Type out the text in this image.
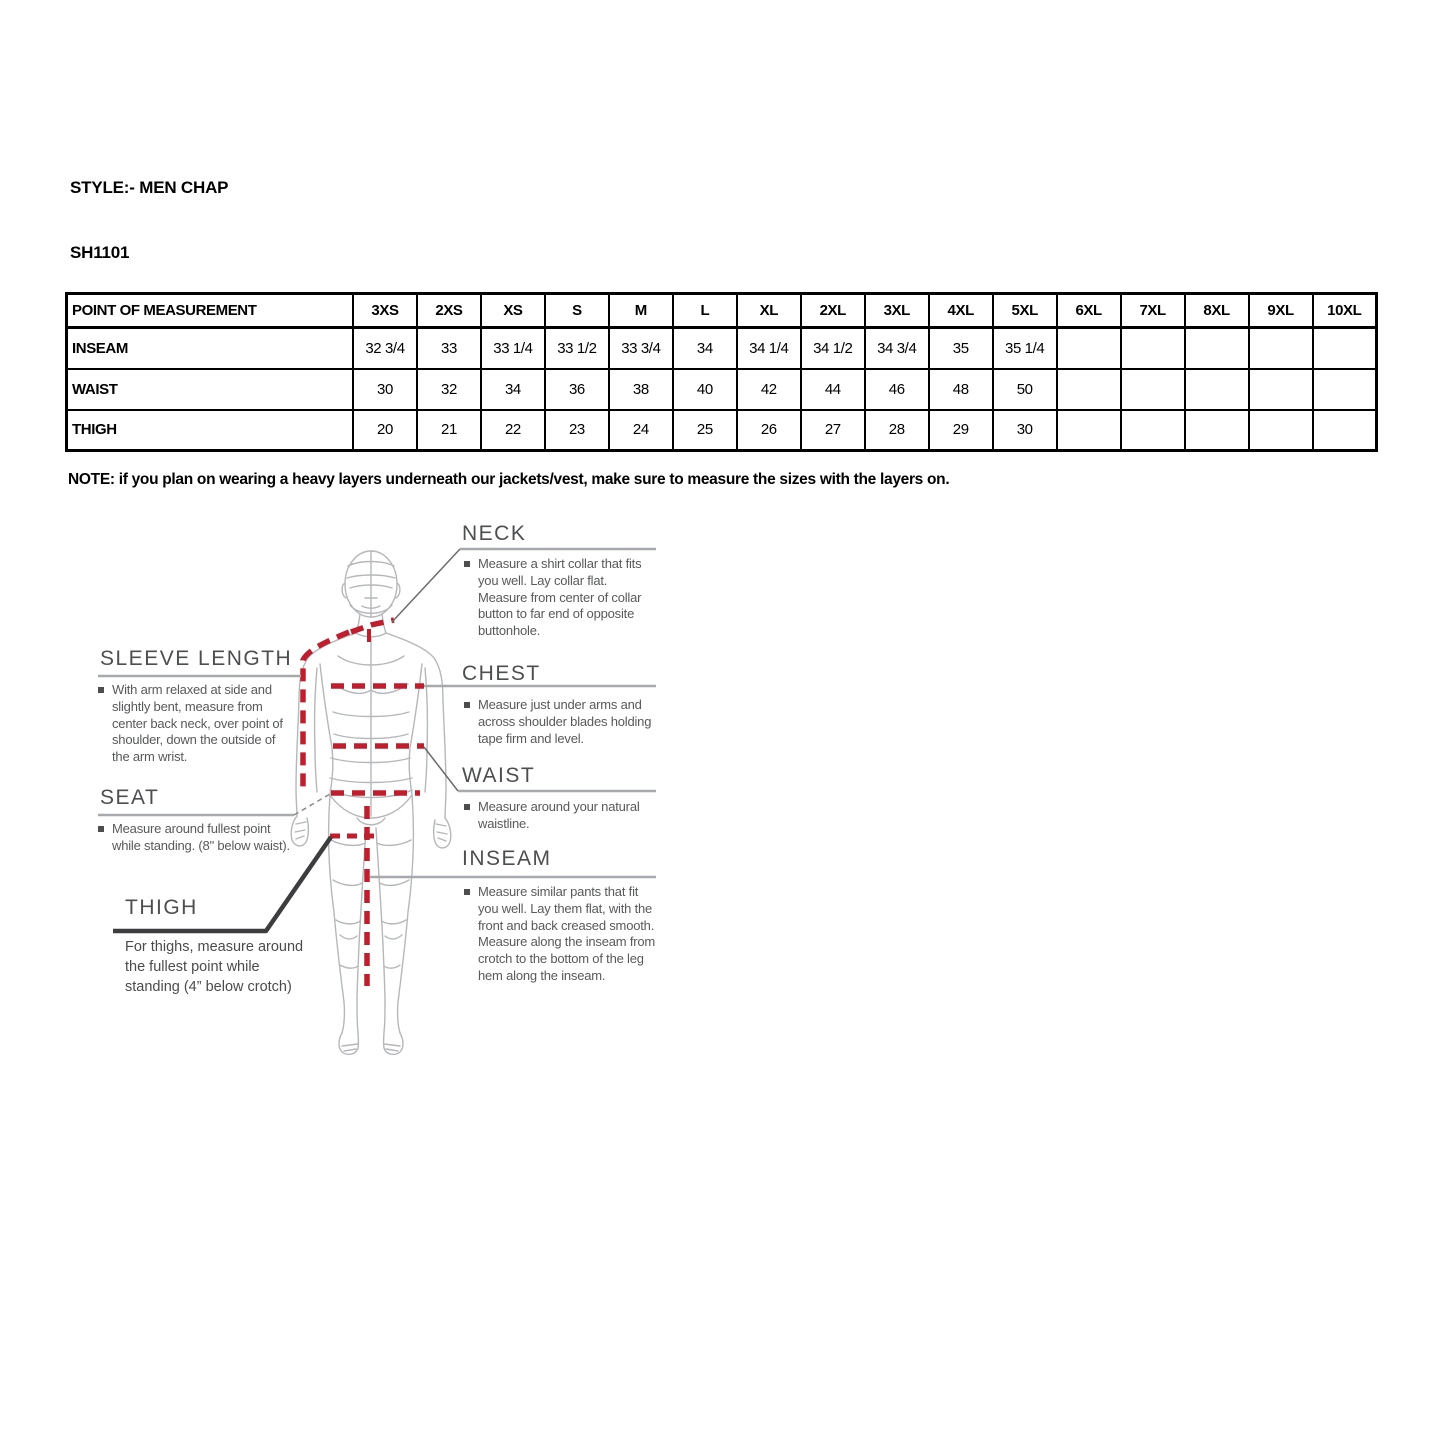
STYLE:- MEN CHAP
SH1101
POINT OF MEASUREMENT	3XS	2XS	XS	S	M	L	XL	2XL	3XL	4XL	5XL	6XL	7XL	8XL	9XL	10XL
INSEAM	32 3/4	33	33 1/4	33 1/2	33 3/4	34	34 1/4	34 1/2	34 3/4	35	35 1/4					
WAIST	30	32	34	36	38	40	42	44	46	48	50					
THIGH	20	21	22	23	24	25	26	27	28	29	30					
NOTE: if you plan on wearing a heavy layers underneath our jackets/vest, make sure to measure the sizes with the layers on.
NECK
Measure a shirt collar that fits you well. Lay collar flat. Measure from center of collar button to far end of opposite buttonhole.
CHEST
Measure just under arms and across shoulder blades holding tape firm and level.
WAIST
Measure around your natural waistline.
INSEAM
Measure similar pants that fit you well. Lay them flat, with the front and back creased smooth. Measure along the inseam from crotch to the bottom of the leg hem along the inseam.
SLEEVE LENGTH
With arm relaxed at side and slightly bent, measure from center back neck, over point of shoulder, down the outside of the arm wrist.
SEAT
Measure around fullest point while standing. (8" below waist).
THIGH
For thighs, measure around the fullest point while standing (4” below crotch)
